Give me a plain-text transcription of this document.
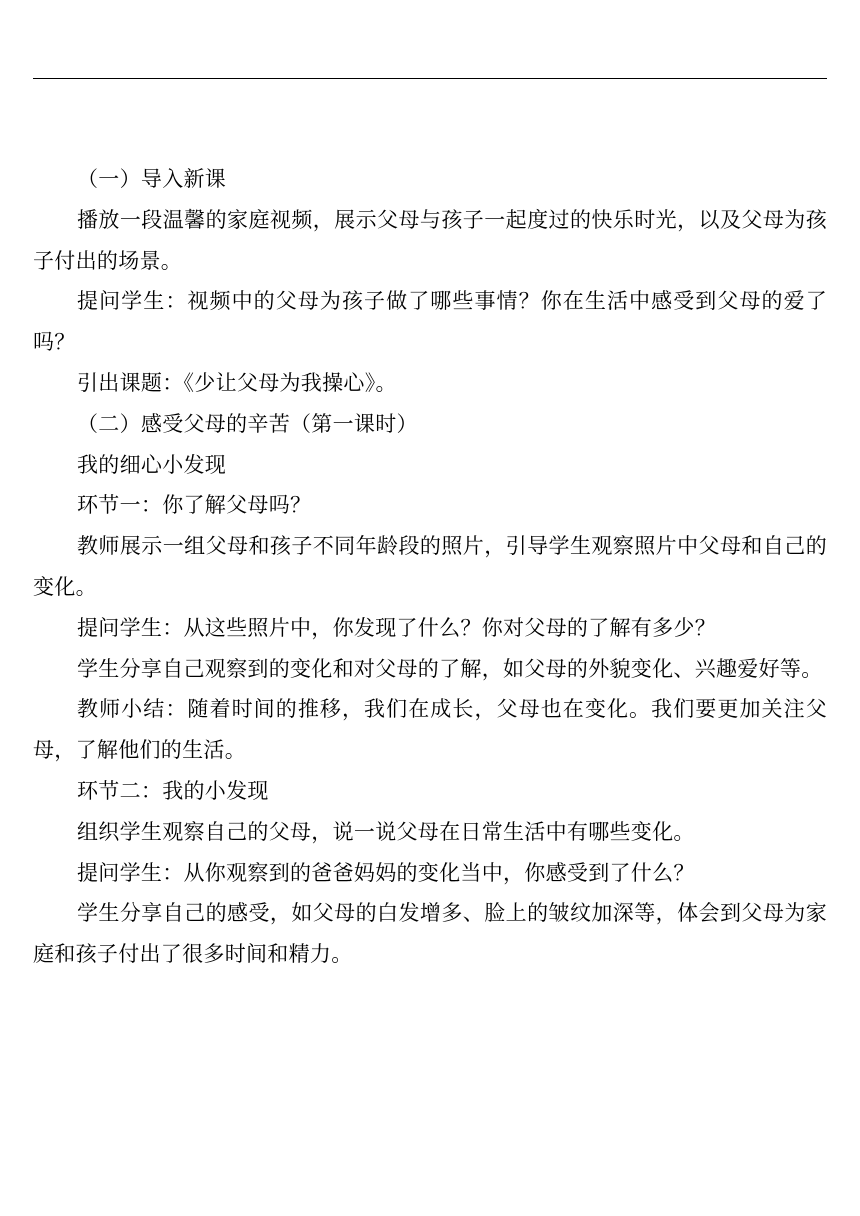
（一）导入新课

播放一段温馨的家庭视频，展示父母与孩子一起度过的快乐时光，以及父母为孩子付出的场景。

提问学生：视频中的父母为孩子做了哪些事情？你在生活中感受到父母的爱了吗？

引出课题：《少让父母为我操心》。

（二）感受父母的辛苦（第一课时）

我的细心小发现

环节一：你了解父母吗？

教师展示一组父母和孩子不同年龄段的照片，引导学生观察照片中父母和自己的变化。

提问学生：从这些照片中，你发现了什么？你对父母的了解有多少？

学生分享自己观察到的变化和对父母的了解，如父母的外貌变化、兴趣爱好等。

教师小结：随着时间的推移，我们在成长，父母也在变化。我们要更加关注父母，了解他们的生活。

环节二：我的小发现

组织学生观察自己的父母，说一说父母在日常生活中有哪些变化。

提问学生：从你观察到的爸爸妈妈的变化当中，你感受到了什么？

学生分享自己的感受，如父母的白发增多、脸上的皱纹加深等，体会到父母为家庭和孩子付出了很多时间和精力。
